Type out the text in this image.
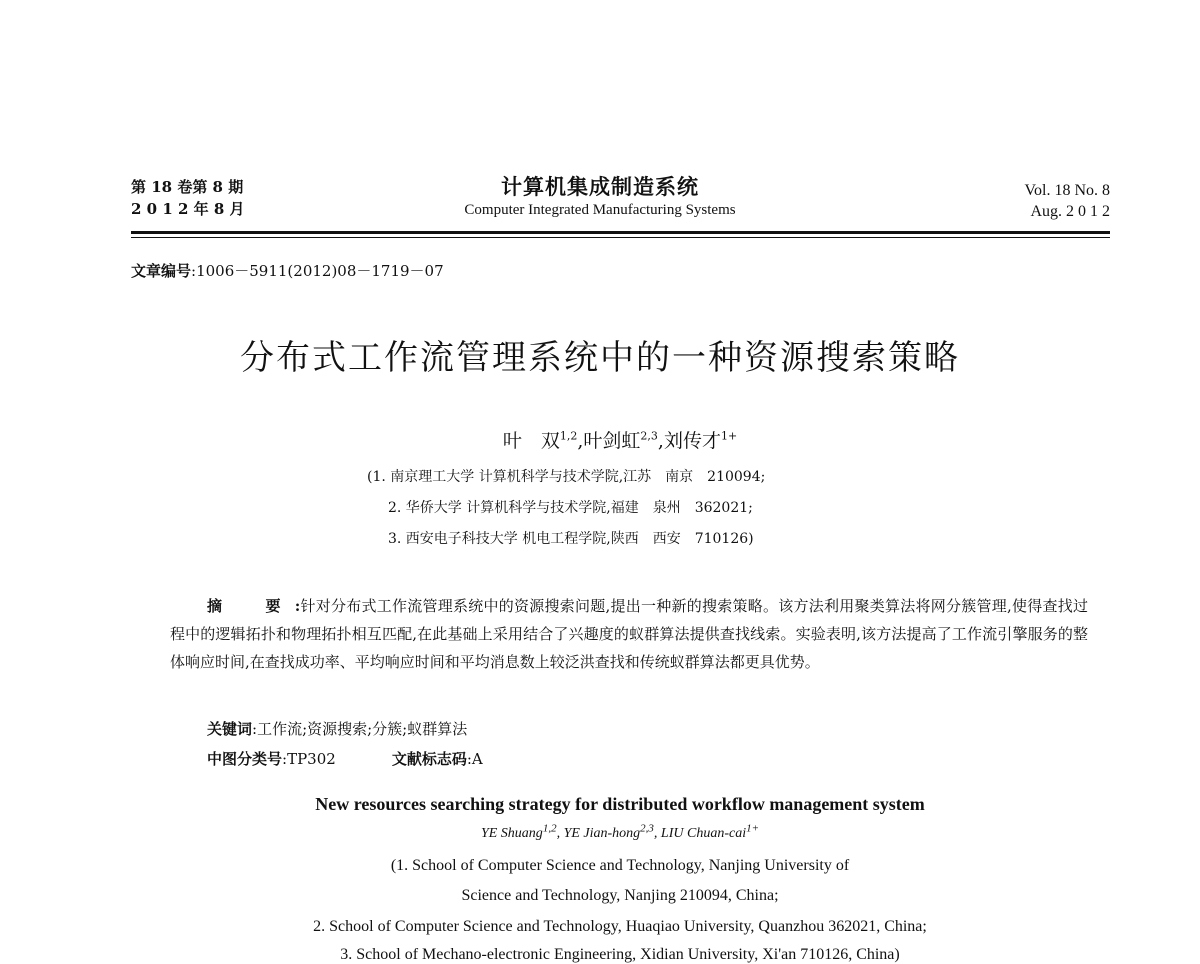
第 18 卷第 8 期
2 0 1 2 年 8 月
计算机集成制造系统
Computer Integrated Manufacturing Systems
Vol. 18 No. 8
Aug. 2 0 1 2
文章编号:1006－5911(2012)08－1719－07
分布式工作流管理系统中的一种资源搜索策略
叶　双$^{1,2}$,叶剑虹$^{2,3}$,刘传才$^{1+}$
(1. 南京理工大学 计算机科学与技术学院,江苏　南京　210094;
2. 华侨大学 计算机科学与技术学院,福建　泉州　362021;
3. 西安电子科技大学 机电工程学院,陕西　西安　710126)
摘　要:针对分布式工作流管理系统中的资源搜索问题,提出一种新的搜索策略。该方法利用聚类算法将网分簇管理,使得查找过程中的逻辑拓扑和物理拓扑相互匹配,在此基础上采用结合了兴趣度的蚁群算法提供查找线索。实验表明,该方法提高了工作流引擎服务的整体响应时间,在查找成功率、平均响应时间和平均消息数上较泛洪查找和传统蚁群算法都更具优势。
关键词:工作流;资源搜索;分簇;蚁群算法
中图分类号:TP302	文献标志码:A
New resources searching strategy for distributed workflow management system
YE Shuang$^{1,2}$, YE Jian-hong$^{2,3}$, LIU Chuan-cai$^{1+}$
(1. School of Computer Science and Technology, Nanjing University of
Science and Technology, Nanjing 210094, China;
2. School of Computer Science and Technology, Huaqiao University, Quanzhou 362021, China;
3. School of Mechano-electronic Engineering, Xidian University, Xi'an 710126, China)
